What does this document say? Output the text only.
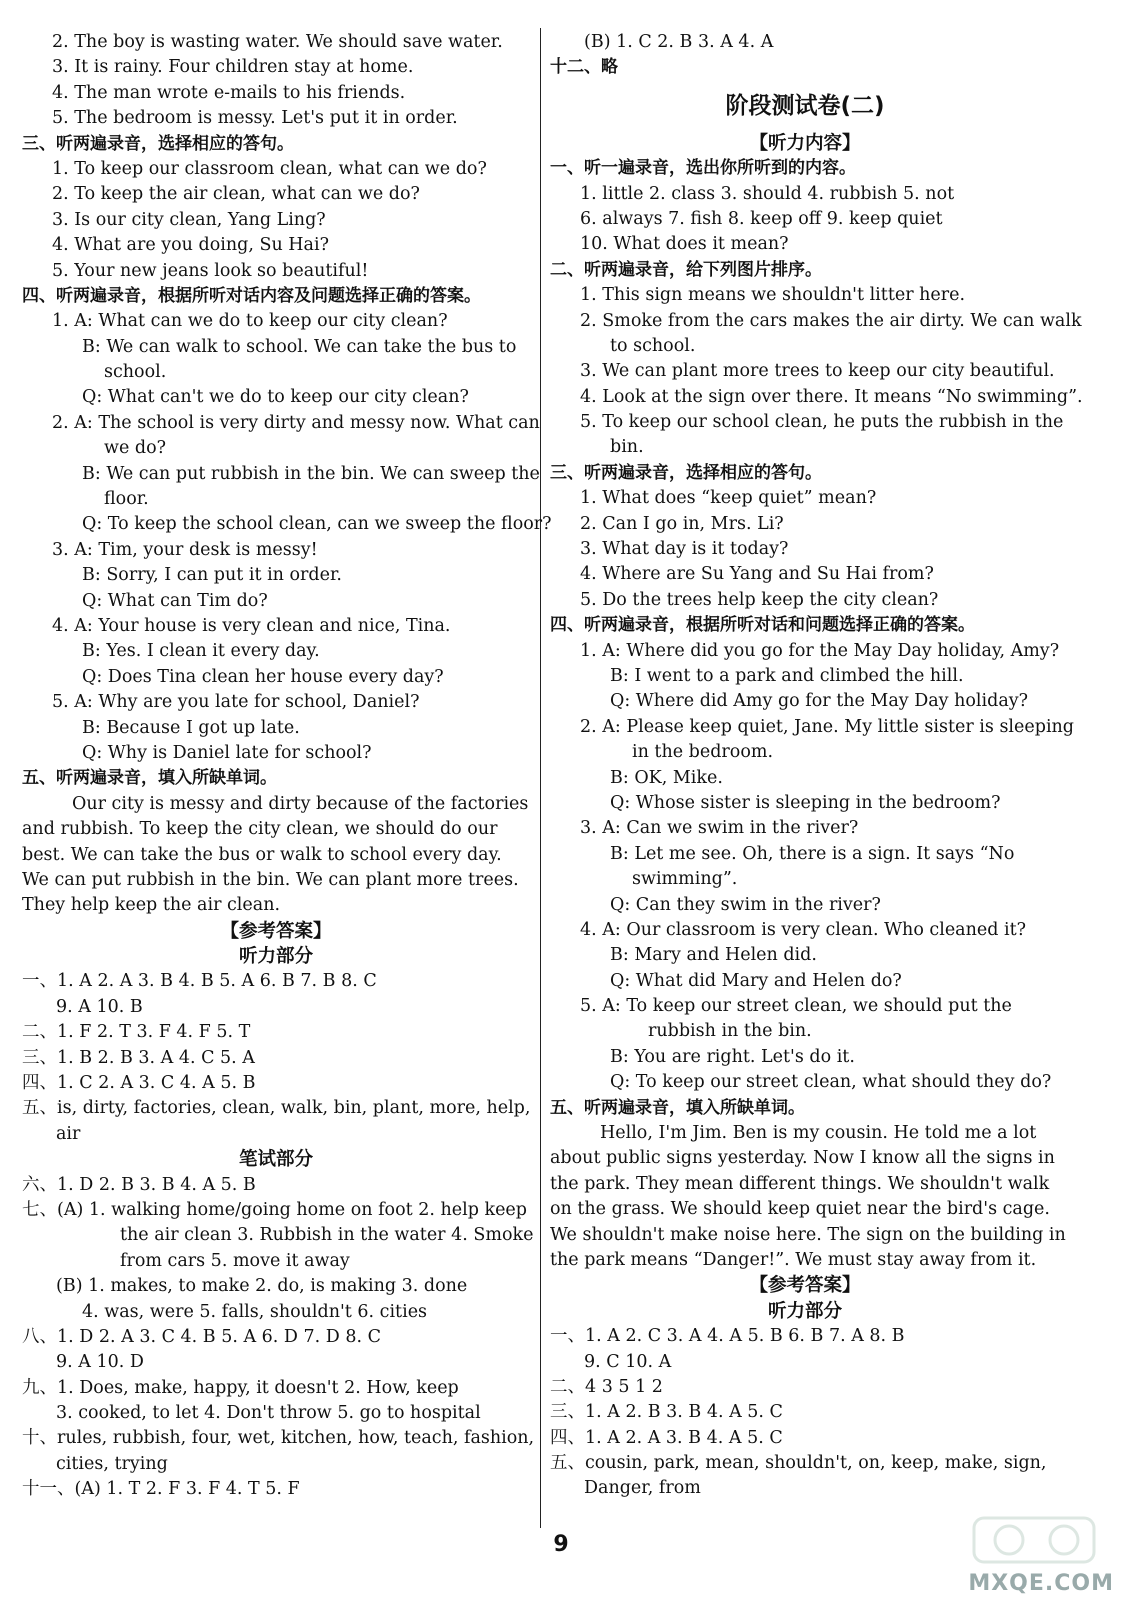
2. The boy is wasting water. We should save water.
3. It is rainy. Four children stay at home.
4. The man wrote e-mails to his friends.
5. The bedroom is messy. Let's put it in order.
三、听两遍录音，选择相应的答句。
1. To keep our classroom clean, what can we do?
2. To keep the air clean, what can we do?
3. Is our city clean, Yang Ling?
4. What are you doing, Su Hai?
5. Your new jeans look so beautiful!
四、听两遍录音，根据所听对话内容及问题选择正确的答案。
1. A: What can we do to keep our city clean?
B: We can walk to school. We can take the bus to
school.
Q: What can't we do to keep our city clean?
2. A: The school is very dirty and messy now. What can
we do?
B: We can put rubbish in the bin. We can sweep the
floor.
Q: To keep the school clean, can we sweep the floor?
3. A: Tim, your desk is messy!
B: Sorry, I can put it in order.
Q: What can Tim do?
4. A: Your house is very clean and nice, Tina.
B: Yes. I clean it every day.
Q: Does Tina clean her house every day?
5. A: Why are you late for school, Daniel?
B: Because I got up late.
Q: Why is Daniel late for school?
五、听两遍录音，填入所缺单词。
Our city is messy and dirty because of the factories
and rubbish. To keep the city clean, we should do our
best. We can take the bus or walk to school every day.
We can put rubbish in the bin. We can plant more trees.
They help keep the air clean.
【参考答案】
听力部分
一、1. A 2. A 3. B 4. B 5. A 6. B 7. B 8. C
9. A 10. B
二、1. F 2. T 3. F 4. F 5. T
三、1. B 2. B 3. A 4. C 5. A
四、1. C 2. A 3. C 4. A 5. B
五、is, dirty, factories, clean, walk, bin, plant, more, help,
air
笔试部分
六、1. D 2. B 3. B 4. A 5. B
七、(A) 1. walking home/going home on foot 2. help keep
the air clean 3. Rubbish in the water 4. Smoke
from cars 5. move it away
(B) 1. makes, to make 2. do, is making 3. done
4. was, were 5. falls, shouldn't 6. cities
八、1. D 2. A 3. C 4. B 5. A 6. D 7. D 8. C
9. A 10. D
九、1. Does, make, happy, it doesn't 2. How, keep
3. cooked, to let 4. Don't throw 5. go to hospital
十、rules, rubbish, four, wet, kitchen, how, teach, fashion,
cities, trying
十一、(A) 1. T 2. F 3. F 4. T 5. F
(B) 1. C 2. B 3. A 4. A
十二、略
阶段测试卷(二)
【听力内容】
一、听一遍录音，选出你所听到的内容。
1. little 2. class 3. should 4. rubbish 5. not
6. always 7. fish 8. keep off 9. keep quiet
10. What does it mean?
二、听两遍录音，给下列图片排序。
1. This sign means we shouldn't litter here.
2. Smoke from the cars makes the air dirty. We can walk
to school.
3. We can plant more trees to keep our city beautiful.
4. Look at the sign over there. It means “No swimming”.
5. To keep our school clean, he puts the rubbish in the
bin.
三、听两遍录音，选择相应的答句。
1. What does “keep quiet” mean?
2. Can I go in, Mrs. Li?
3. What day is it today?
4. Where are Su Yang and Su Hai from?
5. Do the trees help keep the city clean?
四、听两遍录音，根据所听对话和问题选择正确的答案。
1. A: Where did you go for the May Day holiday, Amy?
B: I went to a park and climbed the hill.
Q: Where did Amy go for the May Day holiday?
2. A: Please keep quiet, Jane. My little sister is sleeping
in the bedroom.
B: OK, Mike.
Q: Whose sister is sleeping in the bedroom?
3. A: Can we swim in the river?
B: Let me see. Oh, there is a sign. It says “No
swimming”.
Q: Can they swim in the river?
4. A: Our classroom is very clean. Who cleaned it?
B: Mary and Helen did.
Q: What did Mary and Helen do?
5. A: To keep our street clean, we should put the
rubbish in the bin.
B: You are right. Let's do it.
Q: To keep our street clean, what should they do?
五、听两遍录音，填入所缺单词。
Hello, I'm Jim. Ben is my cousin. He told me a lot
about public signs yesterday. Now I know all the signs in
the park. They mean different things. We shouldn't walk
on the grass. We should keep quiet near the bird's cage.
We shouldn't make noise here. The sign on the building in
the park means “Danger!”. We must stay away from it.
【参考答案】
听力部分
一、1. A 2. C 3. A 4. A 5. B 6. B 7. A 8. B
9. C 10. A
二、4 3 5 1 2
三、1. A 2. B 3. B 4. A 5. C
四、1. A 2. A 3. B 4. A 5. C
五、cousin, park, mean, shouldn't, on, keep, make, sign,
Danger, from
9
MXQE.COM
